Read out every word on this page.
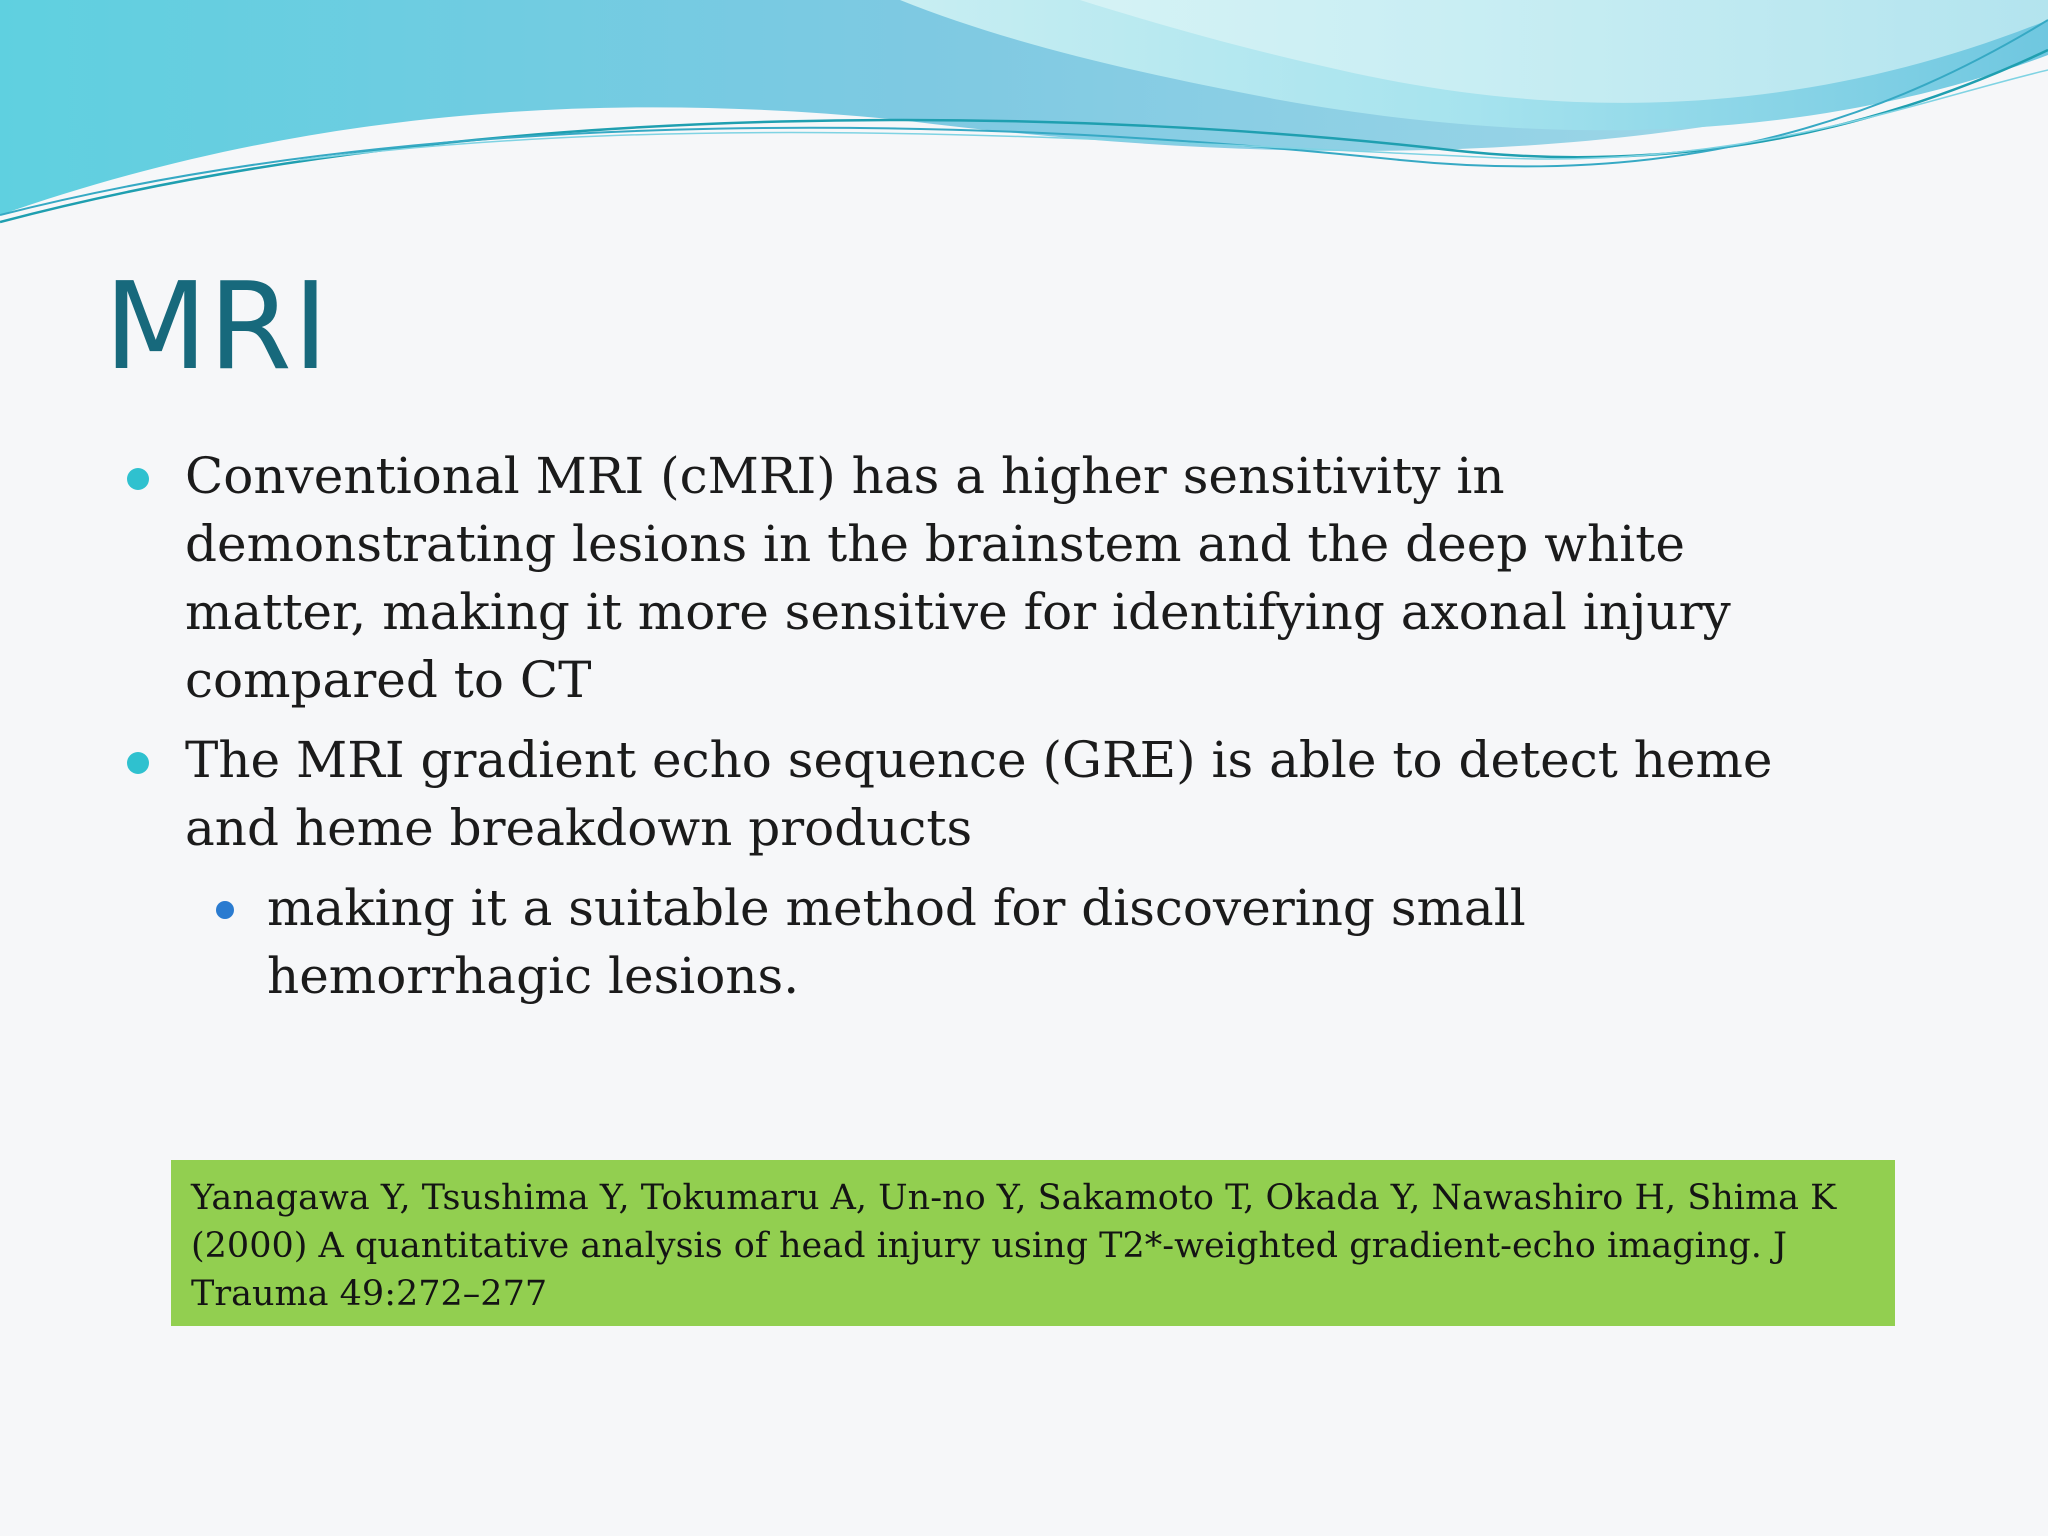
MRI
Conventional MRI (cMRI) has a higher sensitivity in demonstrating lesions in the brainstem and the deep white matter, making it more sensitive for identifying axonal injury compared to CT
The MRI gradient echo sequence (GRE) is able to detect heme and heme breakdown products
making it a suitable method for discovering small hemorrhagic lesions.
Yanagawa Y, Tsushima Y, Tokumaru A, Un-no Y, Sakamoto T, Okada Y, Nawashiro H, Shima K (2000) A quantitative analysis of head injury using T2*-weighted gradient-echo imaging. J Trauma 49:272–277
